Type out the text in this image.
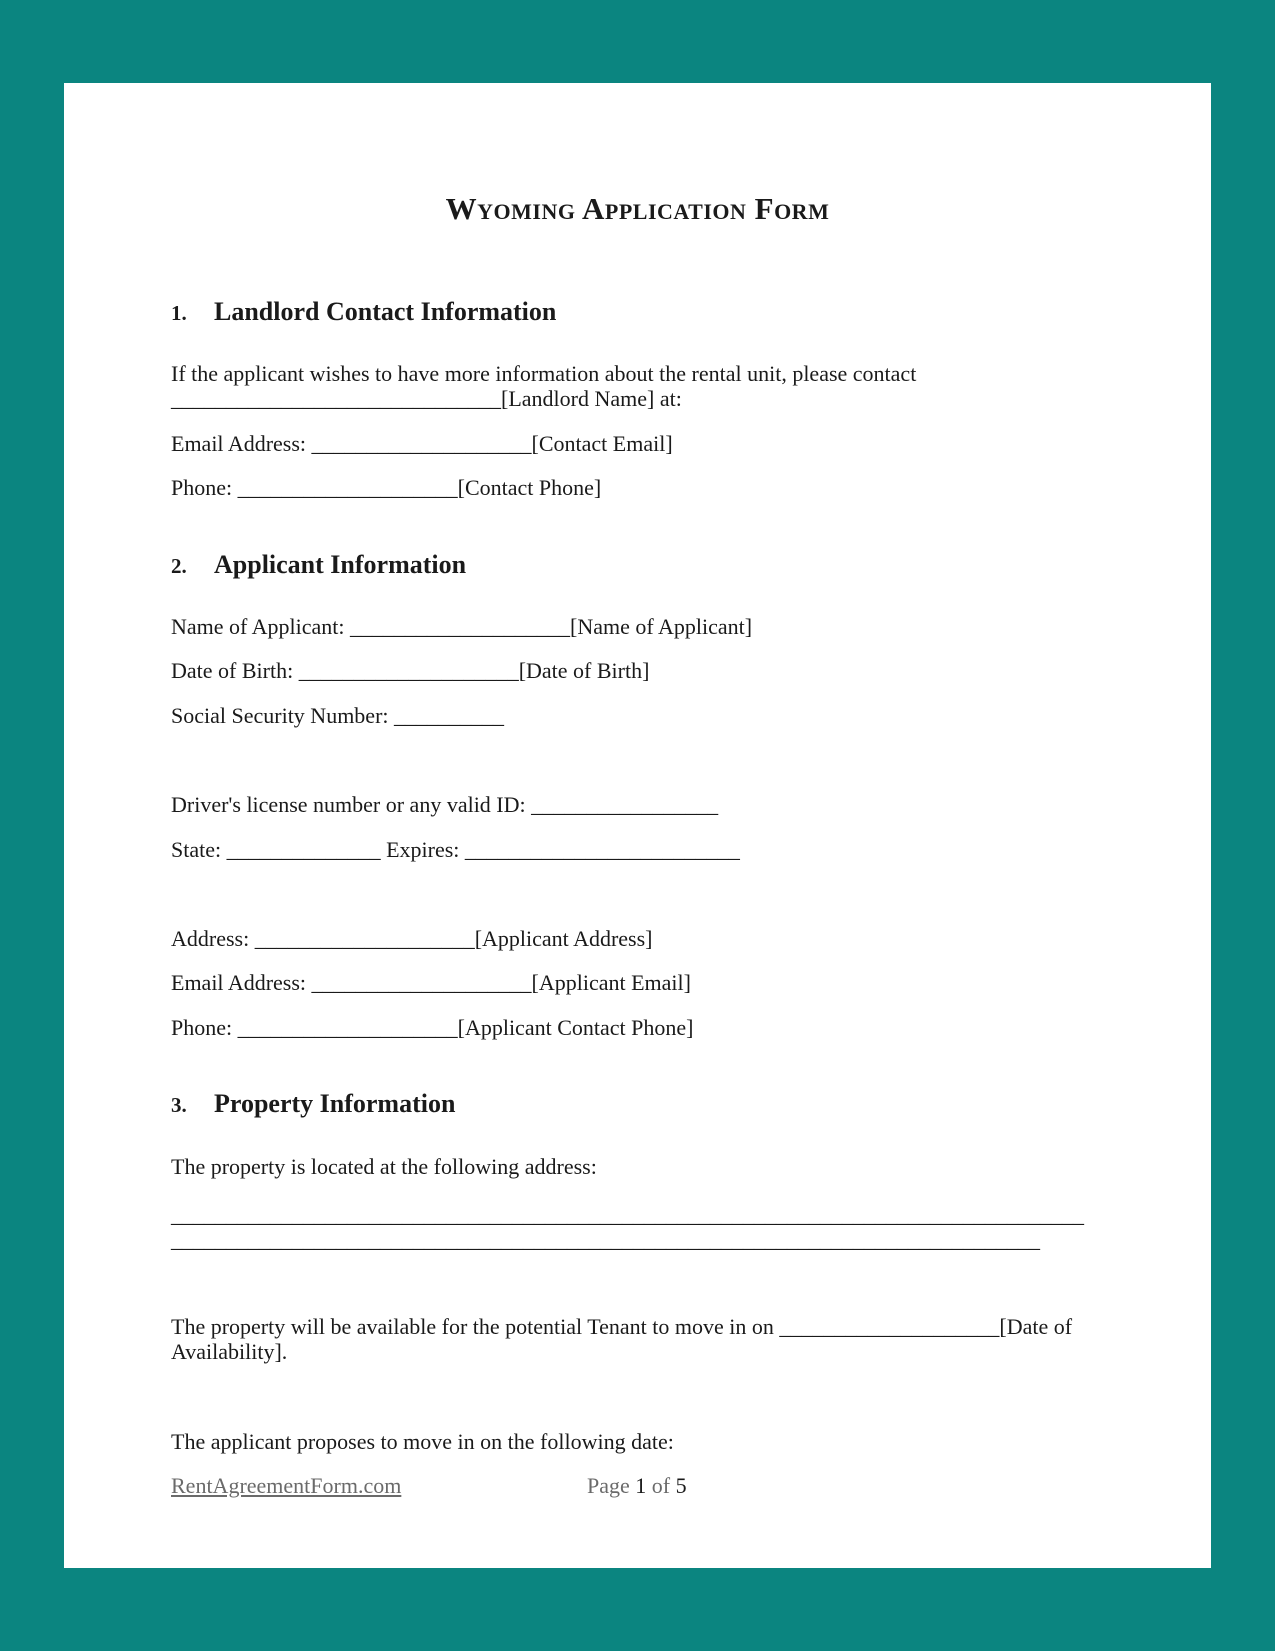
Wyoming Application Form
1. Landlord Contact Information
If the applicant wishes to have more information about the rental unit, please contact
______________________________[Landlord Name] at:
Email Address: ____________________[Contact Email]
Phone: ____________________[Contact Phone]
2. Applicant Information
Name of Applicant: ____________________[Name of Applicant]
Date of Birth: ____________________[Date of Birth]
Social Security Number: __________
Driver's license number or any valid ID: _________________
State: ______________ Expires: _________________________
Address: ____________________[Applicant Address]
Email Address: ____________________[Applicant Email]
Phone: ____________________[Applicant Contact Phone]
3. Property Information
The property is located at the following address:
___________________________________________________________________________________
_______________________________________________________________________________
The property will be available for the potential Tenant to move in on ____________________[Date of
Availability].
The applicant proposes to move in on the following date:
RentAgreementForm.com	Page 1 of 5
